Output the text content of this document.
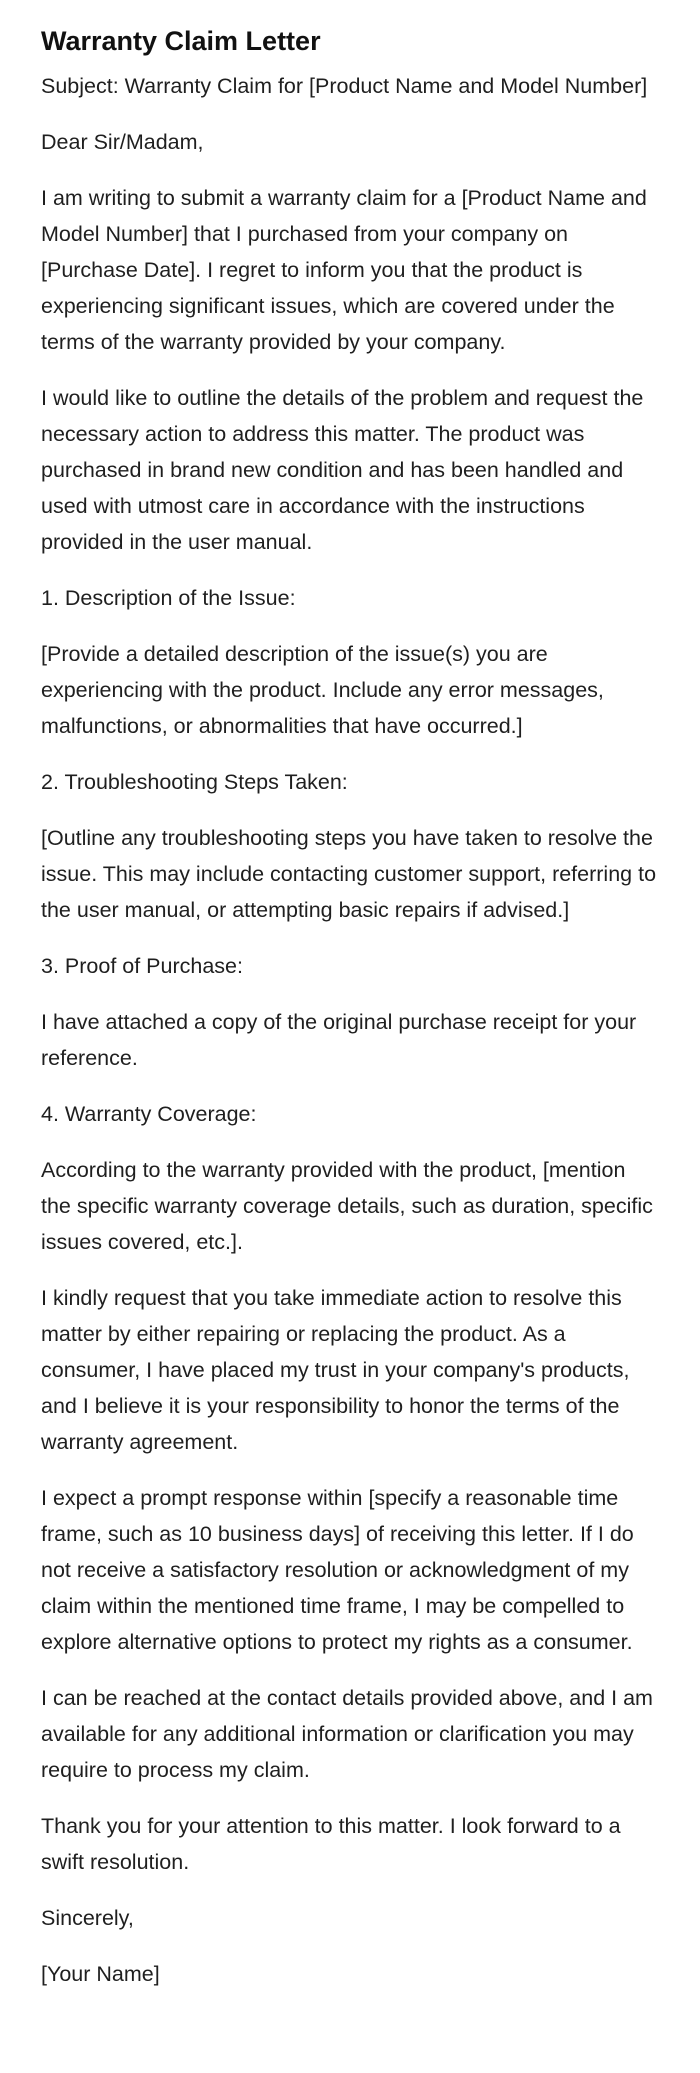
Warranty Claim Letter

Subject: Warranty Claim for [Product Name and Model Number]

Dear Sir/Madam,

I am writing to submit a warranty claim for a [Product Name and Model Number] that I purchased from your company on [Purchase Date]. I regret to inform you that the product is experiencing significant issues, which are covered under the terms of the warranty provided by your company.

I would like to outline the details of the problem and request the necessary action to address this matter. The product was purchased in brand new condition and has been handled and used with utmost care in accordance with the instructions provided in the user manual.

1. Description of the Issue:

[Provide a detailed description of the issue(s) you are experiencing with the product. Include any error messages, malfunctions, or abnormalities that have occurred.]

2. Troubleshooting Steps Taken:

[Outline any troubleshooting steps you have taken to resolve the issue. This may include contacting customer support, referring to the user manual, or attempting basic repairs if advised.]

3. Proof of Purchase:

I have attached a copy of the original purchase receipt for your reference.

4. Warranty Coverage:

According to the warranty provided with the product, [mention the specific warranty coverage details, such as duration, specific issues covered, etc.].

I kindly request that you take immediate action to resolve this matter by either repairing or replacing the product. As a consumer, I have placed my trust in your company's products, and I believe it is your responsibility to honor the terms of the warranty agreement.

I expect a prompt response within [specify a reasonable time frame, such as 10 business days] of receiving this letter. If I do not receive a satisfactory resolution or acknowledgment of my claim within the mentioned time frame, I may be compelled to explore alternative options to protect my rights as a consumer.

I can be reached at the contact details provided above, and I am available for any additional information or clarification you may require to process my claim.

Thank you for your attention to this matter. I look forward to a swift resolution.

Sincerely,

[Your Name]
